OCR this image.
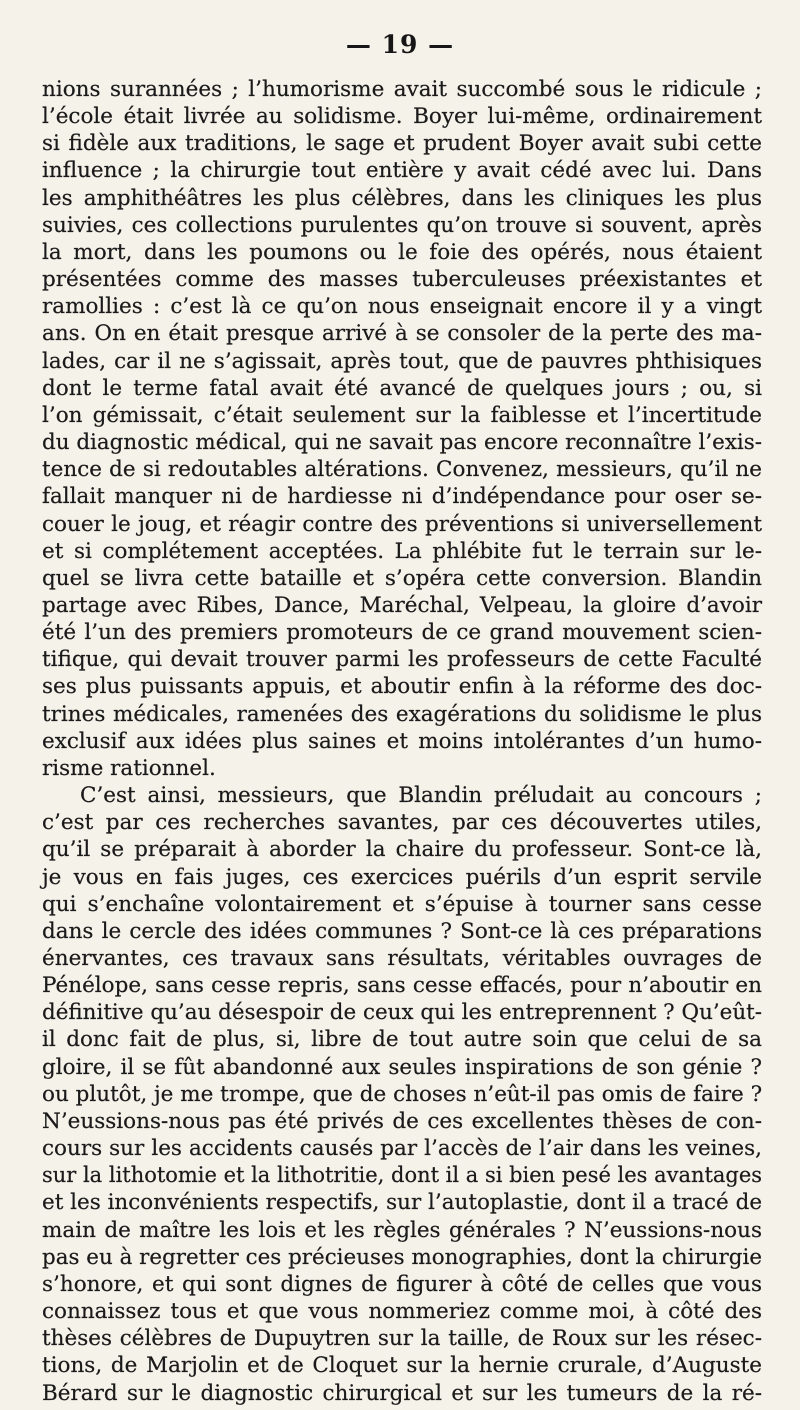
— 19 —
nions surannées ; l’humorisme avait succombé sous le ridicule ;
l’école était livrée au solidisme. Boyer lui-même, ordinairement
si fidèle aux traditions, le sage et prudent Boyer avait subi cette
influence ; la chirurgie tout entière y avait cédé avec lui. Dans
les amphithéâtres les plus célèbres, dans les cliniques les plus
suivies, ces collections purulentes qu’on trouve si souvent, après
la mort, dans les poumons ou le foie des opérés, nous étaient
présentées comme des masses tuberculeuses préexistantes et
ramollies : c’est là ce qu’on nous enseignait encore il y a vingt
ans. On en était presque arrivé à se consoler de la perte des ma-
lades, car il ne s’agissait, après tout, que de pauvres phthisiques
dont le terme fatal avait été avancé de quelques jours ; ou, si
l’on gémissait, c’était seulement sur la faiblesse et l’incertitude
du diagnostic médical, qui ne savait pas encore reconnaître l’exis-
tence de si redoutables altérations. Convenez, messieurs, qu’il ne
fallait manquer ni de hardiesse ni d’indépendance pour oser se-
couer le joug, et réagir contre des préventions si universellement
et si complétement acceptées. La phlébite fut le terrain sur le-
quel se livra cette bataille et s’opéra cette conversion. Blandin
partage avec Ribes, Dance, Maréchal, Velpeau, la gloire d’avoir
été l’un des premiers promoteurs de ce grand mouvement scien-
tifique, qui devait trouver parmi les professeurs de cette Faculté
ses plus puissants appuis, et aboutir enfin à la réforme des doc-
trines médicales, ramenées des exagérations du solidisme le plus
exclusif aux idées plus saines et moins intolérantes d’un humo-
risme rationnel.
C’est ainsi, messieurs, que Blandin préludait au concours ;
c’est par ces recherches savantes, par ces découvertes utiles,
qu’il se préparait à aborder la chaire du professeur. Sont-ce là,
je vous en fais juges, ces exercices puérils d’un esprit servile
qui s’enchaîne volontairement et s’épuise à tourner sans cesse
dans le cercle des idées communes ? Sont-ce là ces préparations
énervantes, ces travaux sans résultats, véritables ouvrages de
Pénélope, sans cesse repris, sans cesse effacés, pour n’aboutir en
définitive qu’au désespoir de ceux qui les entreprennent ? Qu’eût-
il donc fait de plus, si, libre de tout autre soin que celui de sa
gloire, il se fût abandonné aux seules inspirations de son génie ?
ou plutôt, je me trompe, que de choses n’eût-il pas omis de faire ?
N’eussions-nous pas été privés de ces excellentes thèses de con-
cours sur les accidents causés par l’accès de l’air dans les veines,
sur la lithotomie et la lithotritie, dont il a si bien pesé les avantages
et les inconvénients respectifs, sur l’autoplastie, dont il a tracé de
main de maître les lois et les règles générales ? N’eussions-nous
pas eu à regretter ces précieuses monographies, dont la chirurgie
s’honore, et qui sont dignes de figurer à côté de celles que vous
connaissez tous et que vous nommeriez comme moi, à côté des
thèses célèbres de Dupuytren sur la taille, de Roux sur les résec-
tions, de Marjolin et de Cloquet sur la hernie crurale, d’Auguste
Bérard sur le diagnostic chirurgical et sur les tumeurs de la ré-
